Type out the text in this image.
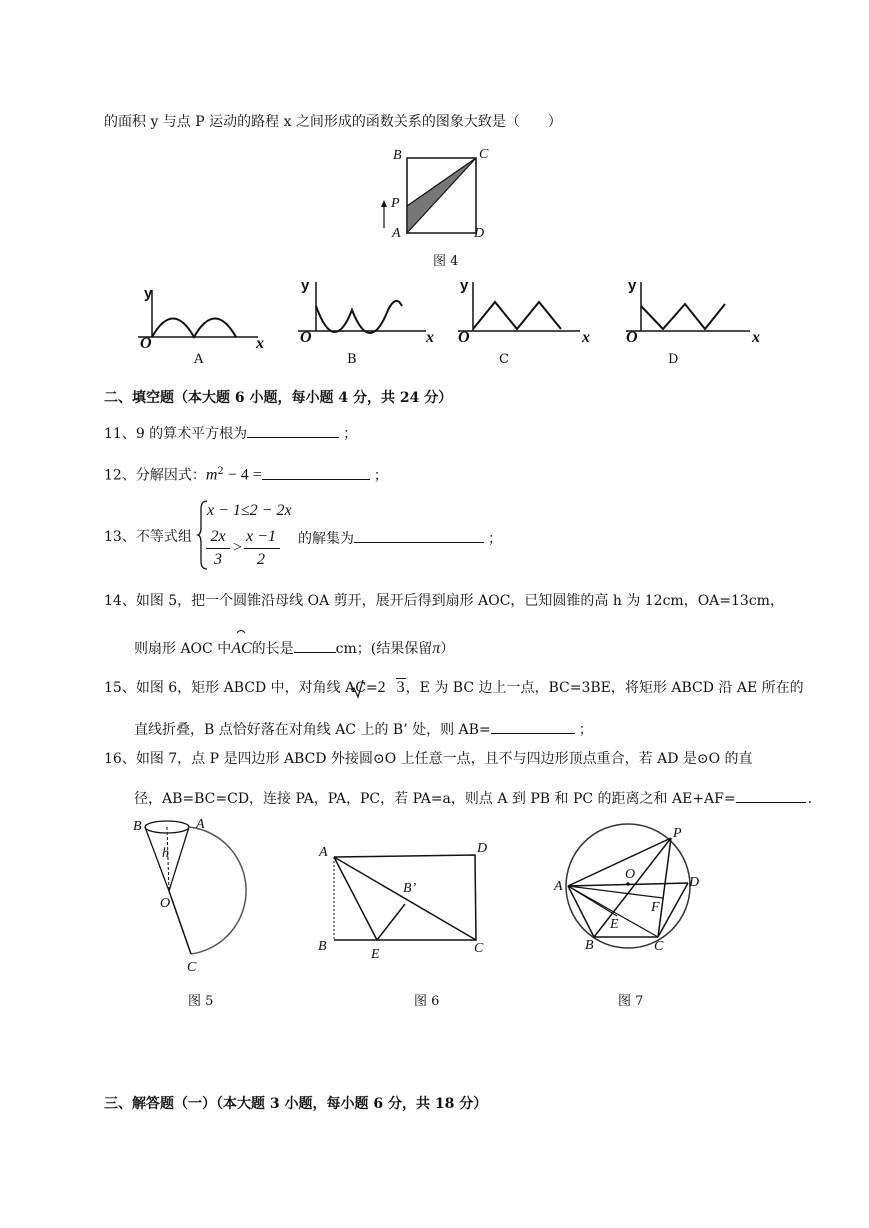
的面积 y 与点 P 运动的路程 x 之间形成的函数关系的图象大致是（　　）
B	C
P
A	D
图 4
y
O	x
A
y
O	x
B
y
O	x
C
y
O	x
D
二、填空题（本大题 6 小题，每小题 4 分，共 24 分）
11、9 的算术平方根为	；
12、分解因式：$m^2 - 4$ =	；
13、不等式组
x − 1≤2 − 2x
2x
3
>
x −1
2
的解集为	；
14、如图 5，把一个圆锥沿母线 OA 剪开，展开后得到扇形 AOC，已知圆锥的高 h 为 12cm，OA=13cm，
则扇形 AOC 中AC的长是	cm；(结果保留π）
15、如图 6，矩形 ABCD 中，对角线 AC=2 3，E 为 BC 边上一点，BC=3BE，将矩形 ABCD 沿 AE 所在的
直线折叠，B 点恰好落在对角线 AC 上的 B’ 处，则 AB=	；
16、如图 7，点 P 是四边形 ABCD 外接圆⊙O 上任意一点，且不与四边形顶点重合，若 AD 是⊙O 的直
径，AB=BC=CD，连接 PA，PA，PC，若 PA=a，则点 A 到 PB 和 PC 的距离之和 AE+AF=	.
B	A
h
O
C
图 5
A	D
B’
B
E	C
图 6
P
A
O
D
F
E
B	C
图 7
三、解答题（一）（本大题 3 小题，每小题 6 分，共 18 分）
